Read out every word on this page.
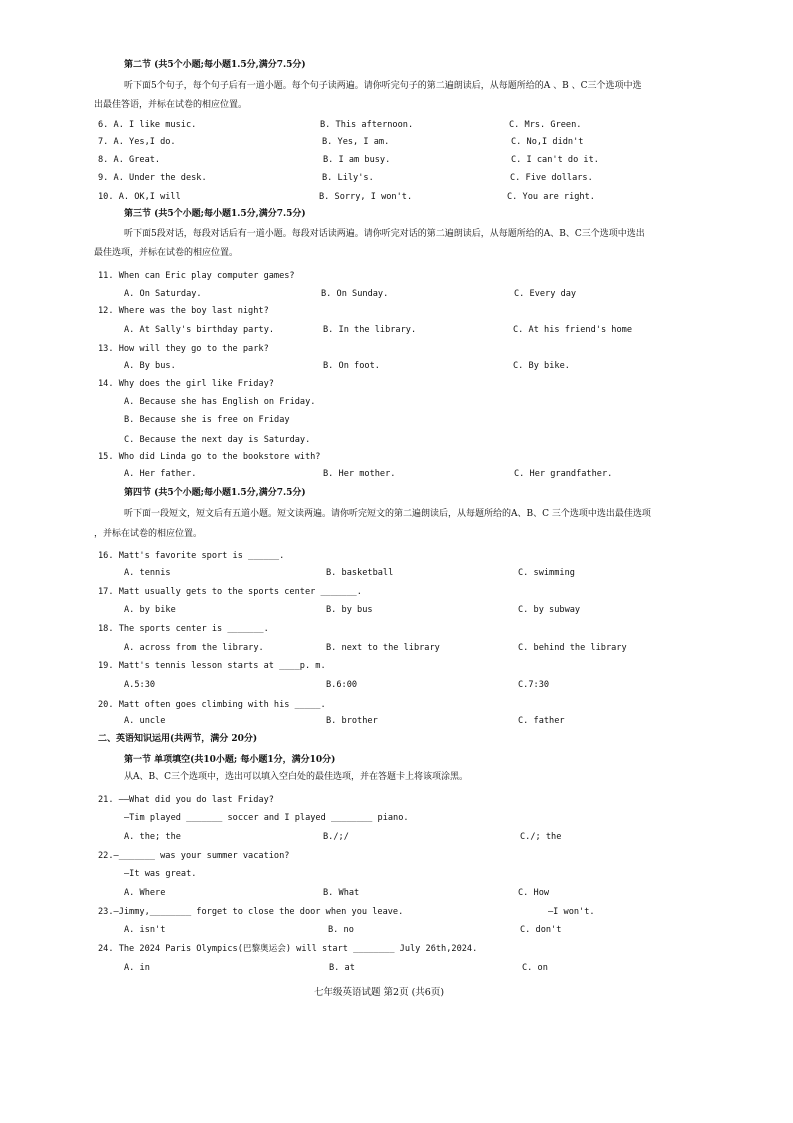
第二节 (共5个小题;每小题1.5分,满分7.5分)
听下面5个句子，每个句子后有一道小题。每个句子读两遍。请你听完句子的第二遍朗读后，从每题所给的A 、B 、C三个选项中选
出最佳答语，并标在试卷的相应位置。
6. A. I like music.	B. This afternoon.	C. Mrs. Green.
7. A. Yes,I do.	B. Yes, I am.	C. No,I didn't
8. A. Great.	B. I am busy.	C. I can't do it.
9. A. Under the desk.	B. Lily's.	C. Five dollars.
10. A. OK,I will	B. Sorry, I won't.	C. You are right.
第三节 (共5个小题;每小题1.5分,满分7.5分)
听下面5段对话，每段对话后有一道小题。每段对话读两遍。请你听完对话的第二遍朗读后，从每题所给的A、B、C三个选项中选出
最佳选项，并标在试卷的相应位置。
11. When can Eric play computer games?
A. On Saturday.	B. On Sunday.	C. Every day
12. Where was the boy last night?
A. At Sally's birthday party.	B. In the library.	C. At his friend's home
13. How will they go to the park?
A. By bus.	B. On foot.	C. By bike.
14. Why does the girl like Friday?
A. Because she has English on Friday.
B. Because she is free on Friday
C. Because the next day is Saturday.
15. Who did Linda go to the bookstore with?
A. Her father.	B. Her mother.	C. Her grandfather.
第四节 (共5个小题;每小题1.5分,满分7.5分)
听下面一段短文，短文后有五道小题。短文读两遍。请你听完短文的第二遍朗读后，从每题所给的A、B、C 三个选项中选出最佳选项
，并标在试卷的相应位置。
16. Matt's favorite sport is ______.
A. tennis	B. basketball	C. swimming
17. Matt usually gets to the sports center _______.
A. by bike	B. by bus	C. by subway
18. The sports center is _______.
A. across from the library.	B. next to the library	C. behind the library
19. Matt's tennis lesson starts at ____p. m.
A.5:30	B.6:00	C.7:30
20. Matt often goes climbing with his _____.
A. uncle	B. brother	C. father
二、英语知识运用(共两节，满分 20分)
第一节 单项填空(共10小题; 每小题1分，满分10分)
从A、B、C三个选项中，选出可以填入空白处的最佳选项，并在答题卡上将该项涂黑。
21. ——What did you do last Friday?
—Tim played _______ soccer and I played ________ piano.
A. the; the	B./;/	C./; the
22.—_______ was your summer vacation?
—It was great.
A. Where	B. What	C. How
23.—Jimmy,________ forget to close the door when you leave.	—I won't.
A. isn't	B. no	C. don't
24. The 2024 Paris Olympics(巴黎奥运会) will start ________ July 26th,2024.
A. in	B. at	C. on
七年级英语试题 第2页 (共6页)
